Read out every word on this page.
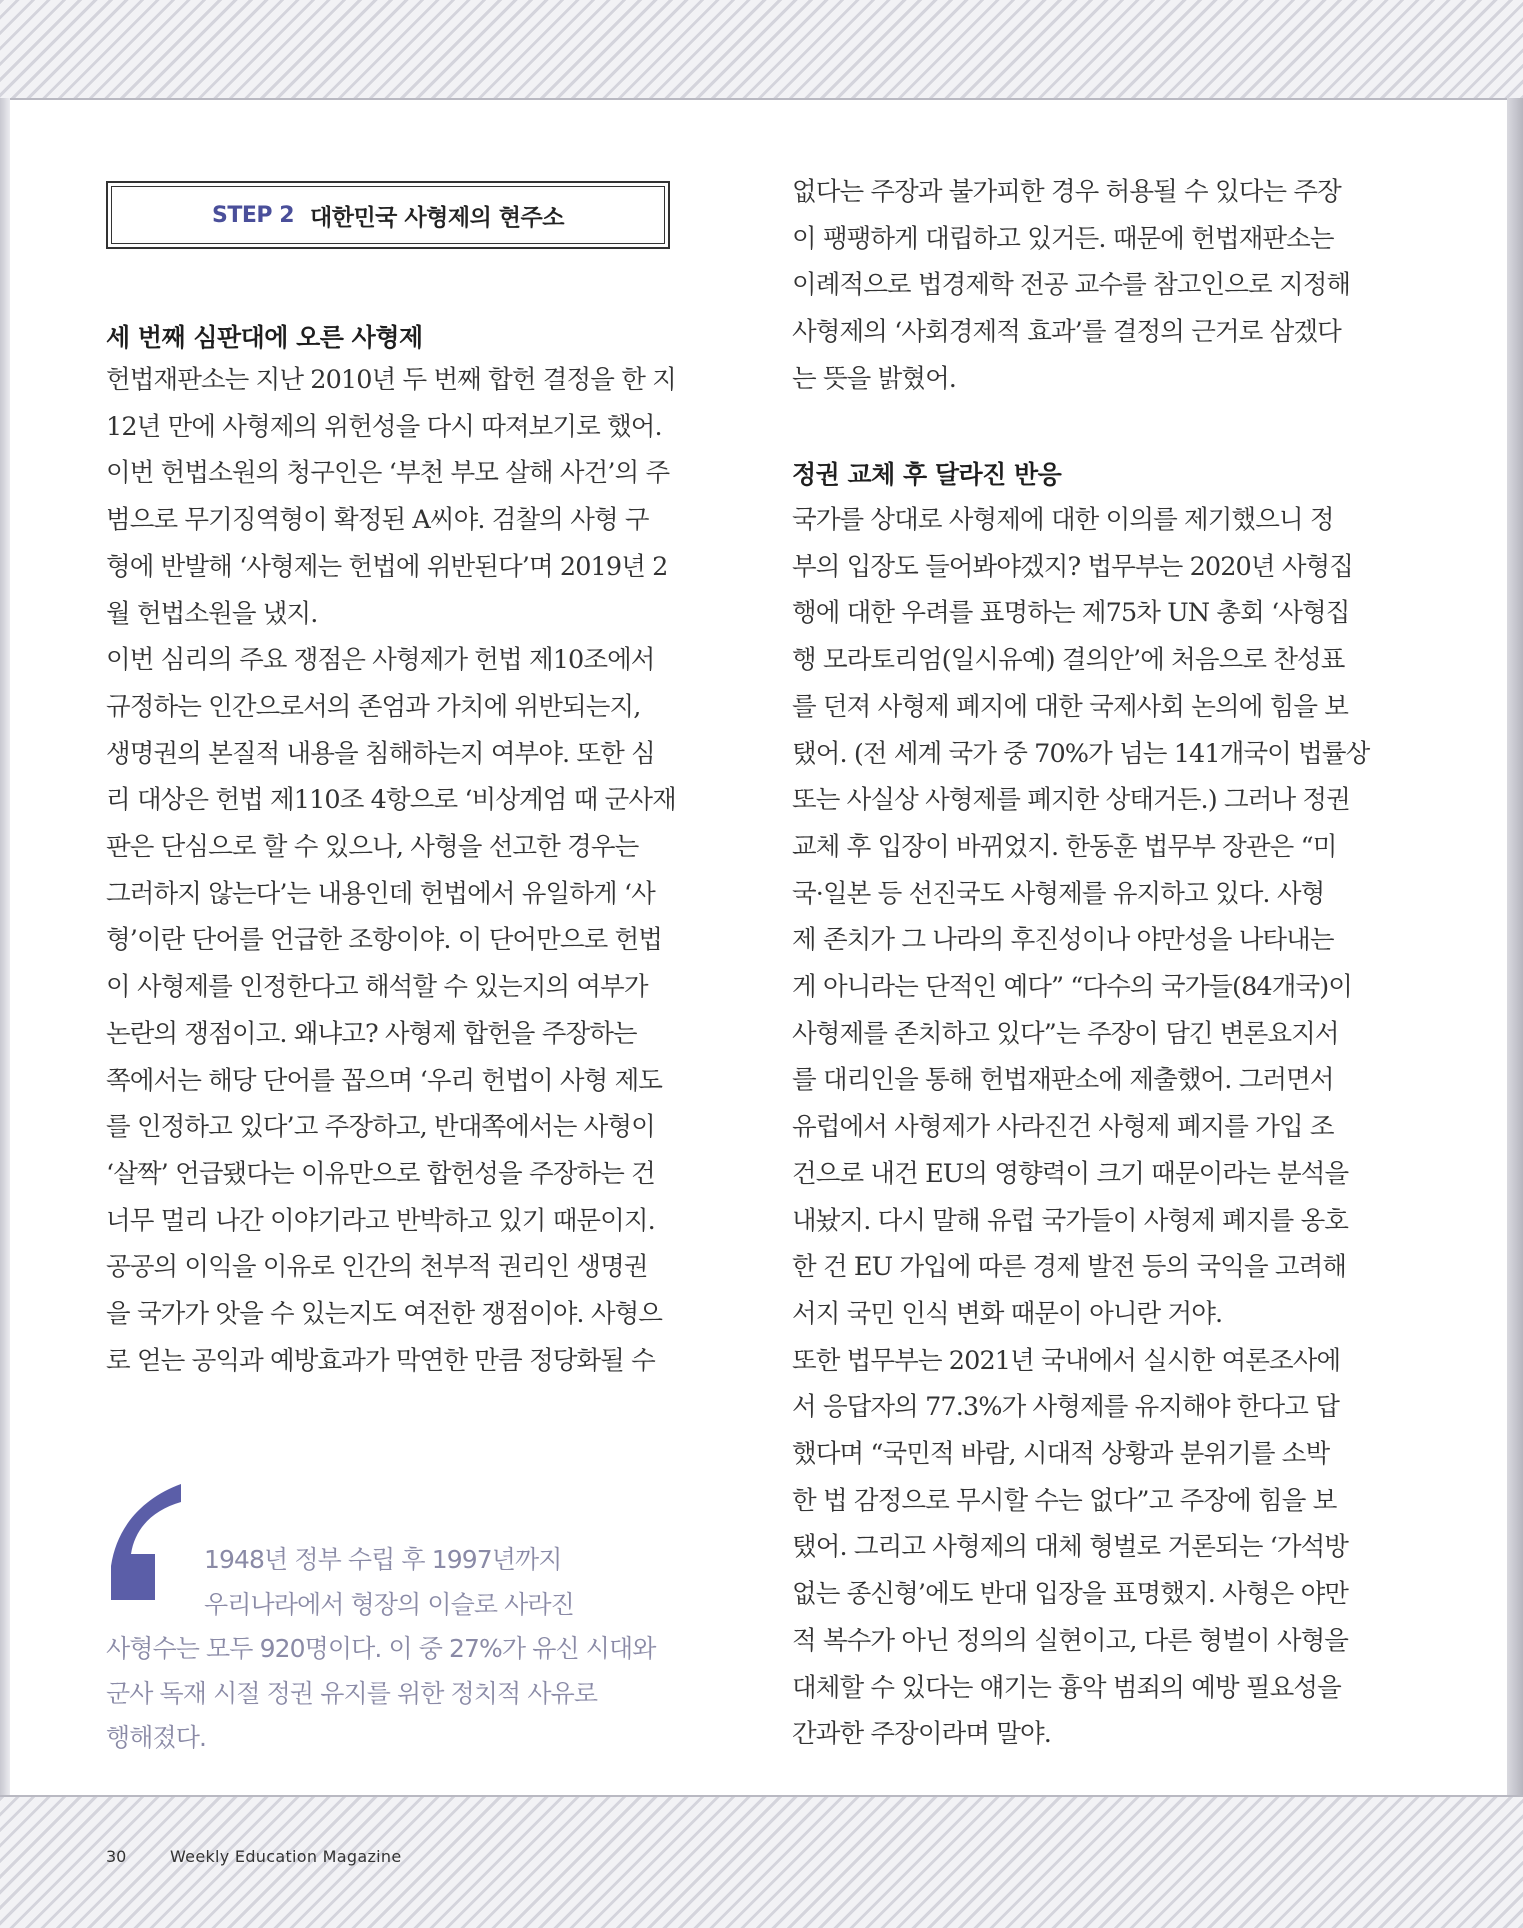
STEP 2 대한민국 사형제의 현주소
세 번째 심판대에 오른 사형제
헌법재판소는 지난 2010년 두 번째 합헌 결정을 한 지
12년 만에 사형제의 위헌성을 다시 따져보기로 했어.
이번 헌법소원의 청구인은 ‘부천 부모 살해 사건’의 주
범으로 무기징역형이 확정된 A씨야. 검찰의 사형 구
형에 반발해 ‘사형제는 헌법에 위반된다’며 2019년 2
월 헌법소원을 냈지.
이번 심리의 주요 쟁점은 사형제가 헌법 제10조에서
규정하는 인간으로서의 존엄과 가치에 위반되는지,
생명권의 본질적 내용을 침해하는지 여부야. 또한 심
리 대상은 헌법 제110조 4항으로 ‘비상계엄 때 군사재
판은 단심으로 할 수 있으나, 사형을 선고한 경우는
그러하지 않는다’는 내용인데 헌법에서 유일하게 ‘사
형’이란 단어를 언급한 조항이야. 이 단어만으로 헌법
이 사형제를 인정한다고 해석할 수 있는지의 여부가
논란의 쟁점이고. 왜냐고? 사형제 합헌을 주장하는
쪽에서는 해당 단어를 꼽으며 ‘우리 헌법이 사형 제도
를 인정하고 있다’고 주장하고, 반대쪽에서는 사형이
‘살짝’ 언급됐다는 이유만으로 합헌성을 주장하는 건
너무 멀리 나간 이야기라고 반박하고 있기 때문이지.
공공의 이익을 이유로 인간의 천부적 권리인 생명권
을 국가가 앗을 수 있는지도 여전한 쟁점이야. 사형으
로 얻는 공익과 예방효과가 막연한 만큼 정당화될 수
1948년 정부 수립 후 1997년까지
우리나라에서 형장의 이슬로 사라진
사형수는 모두 920명이다. 이 중 27%가 유신 시대와
군사 독재 시절 정권 유지를 위한 정치적 사유로
행해졌다.
없다는 주장과 불가피한 경우 허용될 수 있다는 주장
이 팽팽하게 대립하고 있거든. 때문에 헌법재판소는
이례적으로 법경제학 전공 교수를 참고인으로 지정해
사형제의 ‘사회경제적 효과’를 결정의 근거로 삼겠다
는 뜻을 밝혔어.
정권 교체 후 달라진 반응
국가를 상대로 사형제에 대한 이의를 제기했으니 정
부의 입장도 들어봐야겠지? 법무부는 2020년 사형집
행에 대한 우려를 표명하는 제75차 UN 총회 ‘사형집
행 모라토리엄(일시유예) 결의안’에 처음으로 찬성표
를 던져 사형제 폐지에 대한 국제사회 논의에 힘을 보
탰어. (전 세계 국가 중 70%가 넘는 141개국이 법률상
또는 사실상 사형제를 폐지한 상태거든.) 그러나 정권
교체 후 입장이 바뀌었지. 한동훈 법무부 장관은 “미
국·일본 등 선진국도 사형제를 유지하고 있다. 사형
제 존치가 그 나라의 후진성이나 야만성을 나타내는
게 아니라는 단적인 예다” “다수의 국가들(84개국)이
사형제를 존치하고 있다”는 주장이 담긴 변론요지서
를 대리인을 통해 헌법재판소에 제출했어. 그러면서
유럽에서 사형제가 사라진건 사형제 폐지를 가입 조
건으로 내건 EU의 영향력이 크기 때문이라는 분석을
내놨지. 다시 말해 유럽 국가들이 사형제 폐지를 옹호
한 건 EU 가입에 따른 경제 발전 등의 국익을 고려해
서지 국민 인식 변화 때문이 아니란 거야.
또한 법무부는 2021년 국내에서 실시한 여론조사에
서 응답자의 77.3%가 사형제를 유지해야 한다고 답
했다며 “국민적 바람, 시대적 상황과 분위기를 소박
한 법 감정으로 무시할 수는 없다”고 주장에 힘을 보
탰어. 그리고 사형제의 대체 형벌로 거론되는 ‘가석방
없는 종신형’에도 반대 입장을 표명했지. 사형은 야만
적 복수가 아닌 정의의 실현이고, 다른 형벌이 사형을
대체할 수 있다는 얘기는 흉악 범죄의 예방 필요성을
간과한 주장이라며 말야.
30	Weekly Education Magazine
